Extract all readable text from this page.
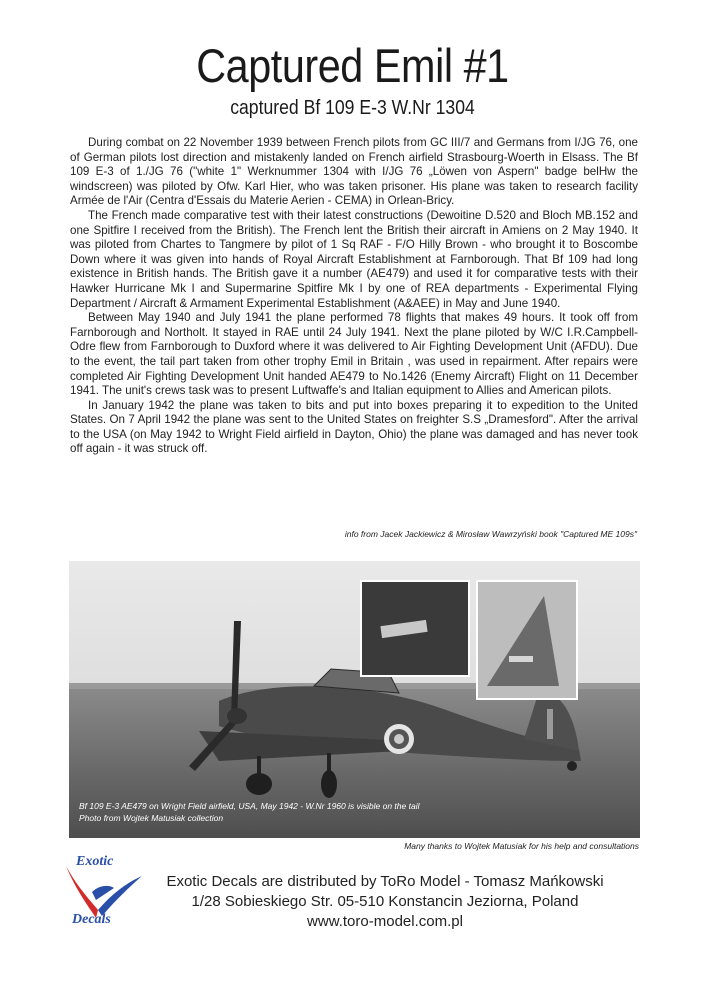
Captured Emil #1
captured Bf 109 E-3 W.Nr 1304

During combat on 22 November 1939 between French pilots from GC III/7 and Germans from I/JG 76, one of German pilots lost direction and mistakenly landed on French airfield Strasbourg-Woerth in Elsass. The Bf 109 E-3 of 1./JG 76 ("white 1" Werknummer 1304 with I/JG 76 „Löwen von Aspern" badge belHw the windscreen) was piloted by Ofw. Karl Hier, who was taken prisoner. His plane was taken to research facility Armée de l'Air (Centra d'Essais du Materie Aerien - CEMA) in Orlean-Bricy.

The French made comparative test with their latest constructions (Dewoitine D.520 and Bloch MB.152 and one Spitfire I received from the British). The French lent the British their aircraft in Amiens on 2 May 1940. It was piloted from Chartes to Tangmere by pilot of 1 Sq RAF - F/O Hilly Brown - who brought it to Boscombe Down where it was given into hands of Royal Aircraft Establishment at Farnborough. That Bf 109 had long existence in British hands. The British gave it a number (AE479) and used it for comparative tests with their Hawker Hurricane Mk I and Supermarine Spitfire Mk I by one of REA departments - Experimental Flying Department / Aircraft & Armament Experimental Establishment (A&AEE) in May and June 1940.

Between May 1940 and July 1941 the plane performed 78 flights that makes 49 hours. It took off from Farnborough and Northolt. It stayed in RAE until 24 July 1941. Next the plane piloted by W/C I.R.Campbell-Odre flew from Farnborough to Duxford where it was delivered to Air Fighting Development Unit (AFDU). Due to the event, the tail part taken from other trophy Emil in Britain , was used in repairment. After repairs were completed Air Fighting Development Unit handed AE479 to No.1426 (Enemy Aircraft) Flight on 11 December 1941. The unit's crews task was to present Luftwaffe's and Italian equipment to Allies and American pilots.

In January 1942 the plane was taken to bits and put into boxes preparing it to expedition to the United States. On 7 April 1942 the plane was sent to the United States on freighter S.S „Dramesford". After the arrival to the USA (on May 1942 to Wright Field airfield in Dayton, Ohio) the plane was damaged and has never took off again - it was struck off.

info from Jacek Jackiewicz & Mirosław Wawrzyński book "Captured ME 109s"
Bf 109 E-3 AE479 on Wright Field airfield, USA, May 1942 - W.Nr 1960 is visible on the tail
Photo from Wojtek Matusiak collection
Many thanks to Wojtek Matusiak for his help and consultations
Exotic
Decals
Exotic Decals are distributed by ToRo Model - Tomasz Mańkowski
1/28 Sobieskiego Str. 05-510 Konstancin Jeziorna, Poland
www.toro-model.com.pl
